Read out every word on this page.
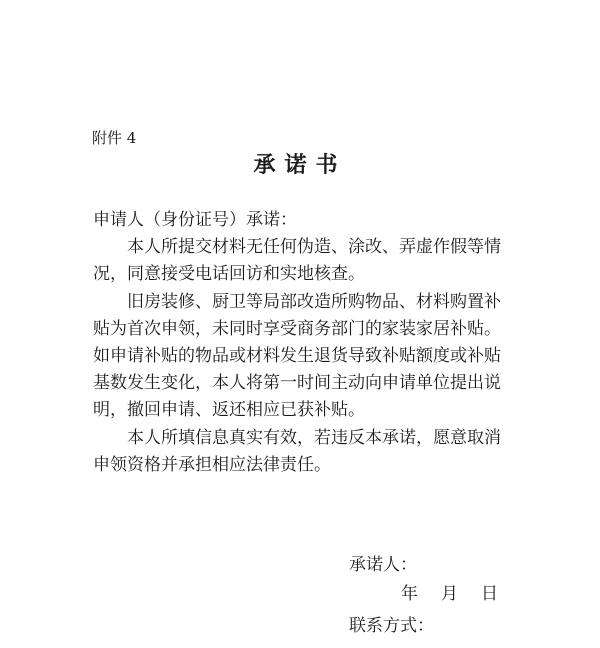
附件 4
承诺书

申请人（身份证号）承诺：

本人所提交材料无任何伪造、涂改、弄虚作假等情况，同意接受电话回访和实地核查。

旧房装修、厨卫等局部改造所购物品、材料购置补贴为首次申领，未同时享受商务部门的家装家居补贴。如申请补贴的物品或材料发生退货导致补贴额度或补贴基数发生变化，本人将第一时间主动向申请单位提出说明，撤回申请、返还相应已获补贴。

本人所填信息真实有效，若违反本承诺，愿意取消申领资格并承担相应法律责任。

承诺人：
年 月 日
联系方式：
